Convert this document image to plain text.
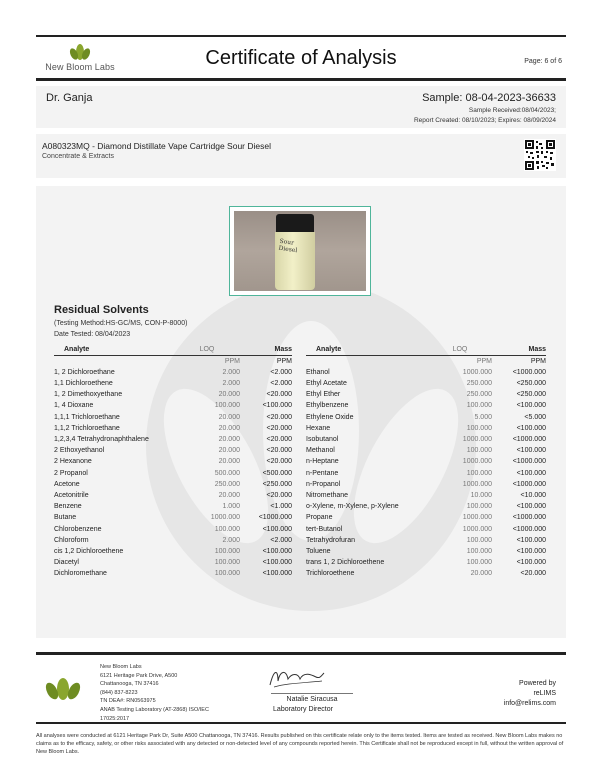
New Bloom Labs	Certificate of Analysis	Page: 6 of 6
Dr. Ganja	Sample: 08-04-2023-36633
Sample Received:08/04/2023;
Report Created: 08/10/2023; Expires: 08/09/2024
A080323MQ - Diamond Distillate Vape Cartridge Sour Diesel
Concentrate & Extracts
Sour
Diesel
Residual Solvents
(Testing Method:HS-GC/MS, CON-P-8000)
Date Tested: 08/04/2023
Analyte	LOQ	Mass
	PPM	PPM
1, 2 Dichloroethane	2.000	<2.000
1,1 Dichloroethene	2.000	<2.000
1, 2 Dimethoxyethane	20.000	<20.000
1, 4 Dioxane	100.000	<100.000
1,1,1 Trichloroethane	20.000	<20.000
1,1,2 Trichloroethane	20.000	<20.000
1,2,3,4 Tetrahydronaphthalene	20.000	<20.000
2 Ethoxyethanol	20.000	<20.000
2 Hexanone	20.000	<20.000
2 Propanol	500.000	<500.000
Acetone	250.000	<250.000
Acetonitrile	20.000	<20.000
Benzene	1.000	<1.000
Butane	1000.000	<1000.000
Chlorobenzene	100.000	<100.000
Chloroform	2.000	<2.000
cis 1,2 Dichloroethene	100.000	<100.000
Diacetyl	100.000	<100.000
Dichloromethane	100.000	<100.000
Analyte	LOQ	Mass
	PPM	PPM
Ethanol	1000.000	<1000.000
Ethyl Acetate	250.000	<250.000
Ethyl Ether	250.000	<250.000
Ethylbenzene	100.000	<100.000
Ethylene Oxide	5.000	<5.000
Hexane	100.000	<100.000
Isobutanol	1000.000	<1000.000
Methanol	100.000	<100.000
n-Heptane	1000.000	<1000.000
n-Pentane	100.000	<100.000
n-Propanol	1000.000	<1000.000
Nitromethane	10.000	<10.000
o-Xylene, m-Xylene, p-Xylene	100.000	<100.000
Propane	1000.000	<1000.000
tert-Butanol	1000.000	<1000.000
Tetrahydrofuran	100.000	<100.000
Toluene	100.000	<100.000
trans 1, 2 Dichloroethene	100.000	<100.000
Trichloroethene	20.000	<20.000
New Bloom Labs
6121 Heritage Park Drive, A500
Chattanooga, TN 37416
(844) 837-8223
TN DEA#: RN0563975
ANAB Testing Laboratory (AT-2868) ISO/IEC
17025:2017
Natalie Siracusa
Laboratory Director
Powered by
reLIMS
info@relims.com
All analyses were conducted at 6121 Heritage Park Dr, Suite A500 Chattanooga, TN 37416. Results published on this certificate relate only to the items tested. Items are tested as received. New Bloom Labs makes no claims as to the efficacy, safety, or other risks associated with any detected or non-detected level of any compounds reported herein. This Certificate shall not be reproduced except in full, without the written approval of New Bloom Labs.
